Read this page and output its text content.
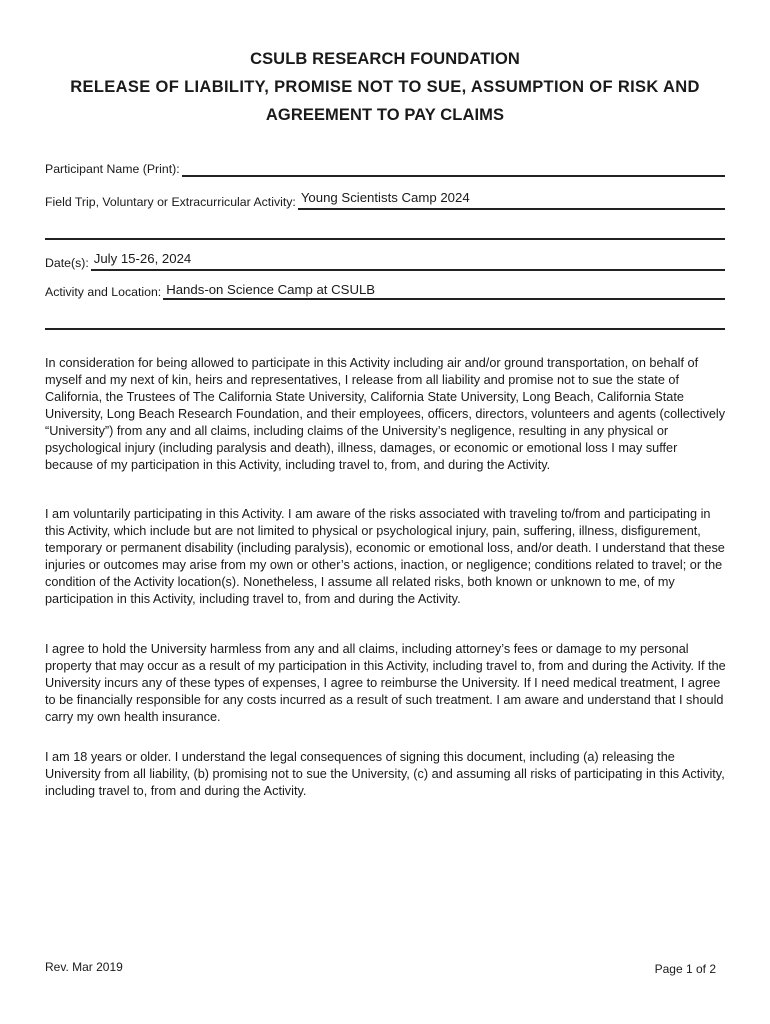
CSULB RESEARCH FOUNDATION
RELEASE OF LIABILITY, PROMISE NOT TO SUE, ASSUMPTION OF RISK AND
AGREEMENT TO PAY CLAIMS
Participant Name (Print):
Field Trip, Voluntary or Extracurricular Activity: Young Scientists Camp 2024
Date(s): July 15-26, 2024
Activity and Location: Hands-on Science Camp at CSULB

In consideration for being allowed to participate in this Activity including air and/or ground transportation, on behalf of myself and my next of kin, heirs and representatives, I release from all liability and promise not to sue the state of California, the Trustees of The California State University, California State University, Long Beach, California State University, Long Beach Research Foundation, and their employees, officers, directors, volunteers and agents (collectively “University”) from any and all claims, including claims of the University’s negligence, resulting in any physical or psychological injury (including paralysis and death), illness, damages, or economic or emotional loss I may suffer because of my participation in this Activity, including travel to, from, and during the Activity.

I am voluntarily participating in this Activity. I am aware of the risks associated with traveling to/from and participating in this Activity, which include but are not limited to physical or psychological injury, pain, suffering, illness, disfigurement, temporary or permanent disability (including paralysis), economic or emotional loss, and/or death. I understand that these injuries or outcomes may arise from my own or other’s actions, inaction, or negligence; conditions related to travel; or the condition of the Activity location(s). Nonetheless, I assume all related risks, both known or unknown to me, of my participation in this Activity, including travel to, from and during the Activity.

I agree to hold the University harmless from any and all claims, including attorney’s fees or damage to my personal property that may occur as a result of my participation in this Activity, including travel to, from and during the Activity. If the University incurs any of these types of expenses, I agree to reimburse the University. If I need medical treatment, I agree to be financially responsible for any costs incurred as a result of such treatment. I am aware and understand that I should carry my own health insurance.

I am 18 years or older. I understand the legal consequences of signing this document, including (a) releasing the University from all liability, (b) promising not to sue the University, (c) and assuming all risks of participating in this Activity, including travel to, from and during the Activity.

Rev. Mar 2019	Page 1 of 2
